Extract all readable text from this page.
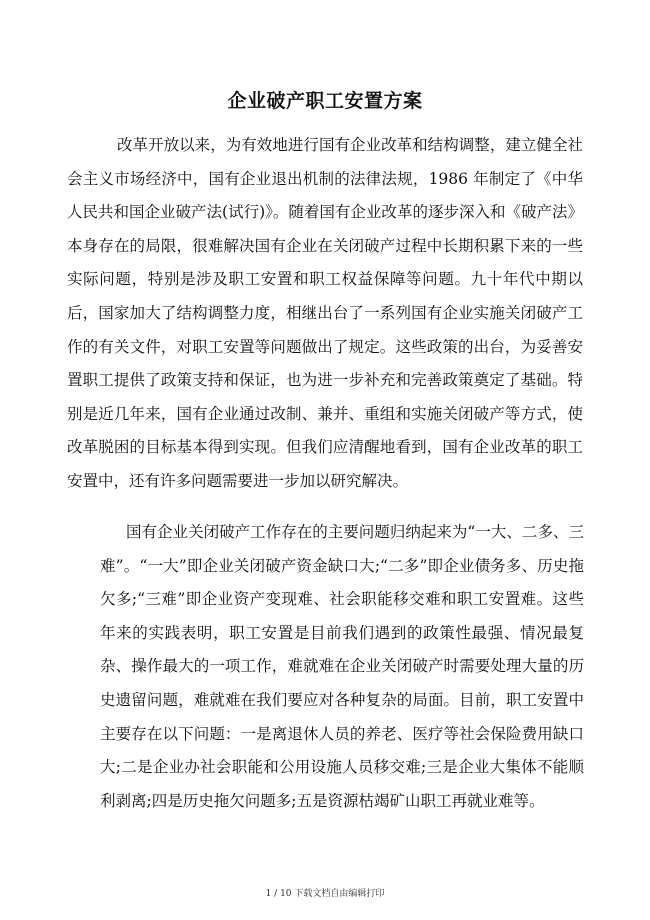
企业破产职工安置方案
改革开放以来，为有效地进行国有企业改革和结构调整，建立健全社会主义市场经济中，国有企业退出机制的法律法规，1986 年制定了《中华人民共和国企业破产法(试行)》。随着国有企业改革的逐步深入和《破产法》本身存在的局限，很难解决国有企业在关闭破产过程中长期积累下来的一些实际问题，特别是涉及职工安置和职工权益保障等问题。九十年代中期以后，国家加大了结构调整力度，相继出台了一系列国有企业实施关闭破产工作的有关文件，对职工安置等问题做出了规定。这些政策的出台，为妥善安置职工提供了政策支持和保证，也为进一步补充和完善政策奠定了基础。特别是近几年来，国有企业通过改制、兼并、重组和实施关闭破产等方式，使改革脱困的目标基本得到实现。但我们应清醒地看到，国有企业改革的职工安置中，还有许多问题需要进一步加以研究解决。
国有企业关闭破产工作存在的主要问题归纳起来为“一大、二多、三难”。“一大”即企业关闭破产资金缺口大;“二多”即企业债务多、历史拖欠多;“三难”即企业资产变现难、社会职能移交难和职工安置难。这些年来的实践表明，职工安置是目前我们遇到的政策性最强、情况最复杂、操作最大的一项工作，难就难在企业关闭破产时需要处理大量的历史遗留问题，难就难在我们要应对各种复杂的局面。目前，职工安置中主要存在以下问题：一是离退休人员的养老、医疗等社会保险费用缺口大;二是企业办社会职能和公用设施人员移交难;三是企业大集体不能顺利剥离;四是历史拖欠问题多;五是资源枯竭矿山职工再就业难等。
1 / 10 下载文档自由编辑打印
